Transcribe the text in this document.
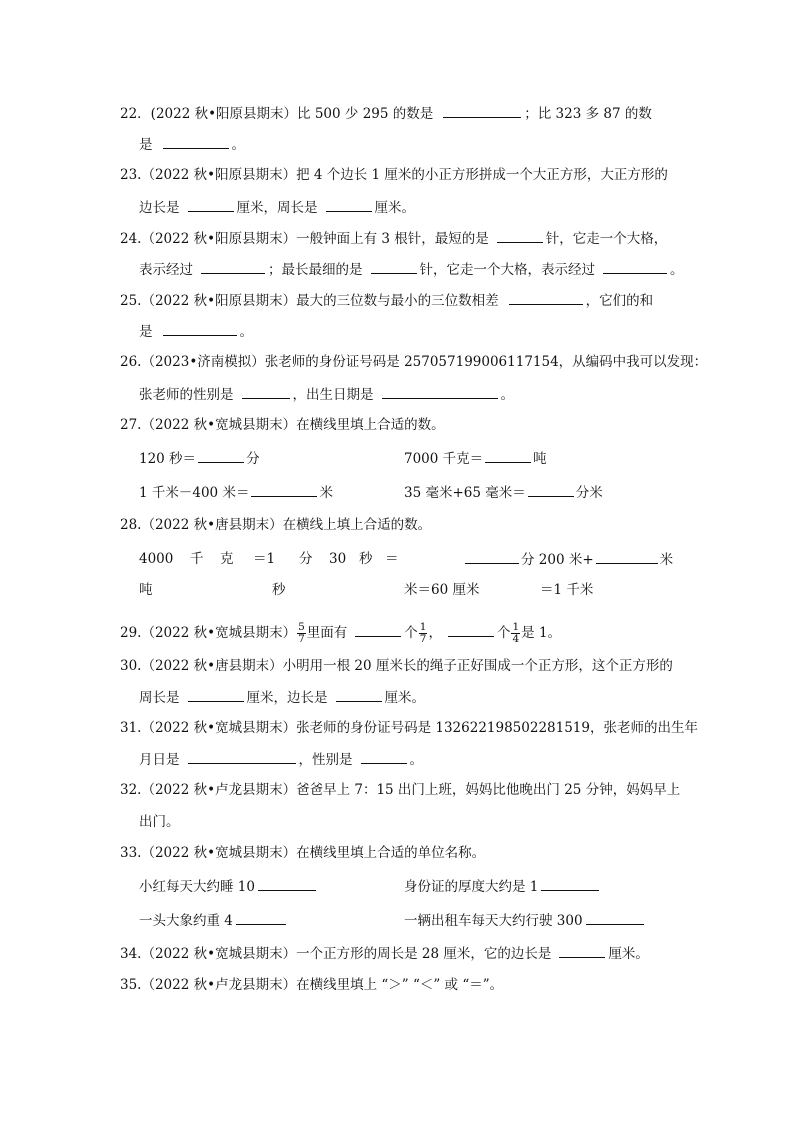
22．(2022 秋•阳原县期末）比 500 少 295 的数是	；比 323 多 87 的数
是	。
23.（2022 秋•阳原县期末）把 4 个边长 1 厘米的小正方形拼成一个大正方形，大正方形的
边长是	厘米，周长是	厘米。
24.（2022 秋•阳原县期末）一般钟面上有 3 根针，最短的是	针，它走一个大格，
表示经过	；最长最细的是	针，它走一个大格，表示经过	。
25.（2022 秋•阳原县期末）最大的三位数与最小的三位数相差	，它们的和
是	。
26.（2023•济南模拟）张老师的身份证号码是 257057199006117154，从编码中我可以发现：
张老师的性别是	，出生日期是	。
27.（2022 秋•宽城县期末）在横线里填上合适的数。
120 秒＝	分	7000 千克＝	吨
1 千米－400 米＝	米	35 毫米+65 毫米＝	分米
28.（2022 秋•唐县期末）在横线上填上合适的数。
4000 千 克 ＝1 分 30 秒 ＝	分 200 米+	米
吨	秒	米＝60 厘米	＝1 千米
29.（2022 秋•宽城县期末） $\frac{5}{7}$ 里面有	个 $\frac{1}{7}$ ，	个 $\frac{1}{4}$ 是 1。
30.（2022 秋•唐县期末）小明用一根 20 厘米长的绳子正好围成一个正方形，这个正方形的
周长是	厘米，边长是	厘米。
31.（2022 秋•宽城县期末）张老师的身份证号码是 132622198502281519，张老师的出生年
月日是	，性别是	。
32.（2022 秋•卢龙县期末）爸爸早上 7：15 出门上班，妈妈比他晚出门 25 分钟，妈妈早上
出门。
33.（2022 秋•宽城县期末）在横线里填上合适的单位名称。
小红每天大约睡 10	身份证的厚度大约是 1
一头大象约重 4	一辆出租车每天大约行驶 300
34.（2022 秋•宽城县期末）一个正方形的周长是 28 厘米，它的边长是	厘米。
35.（2022 秋•卢龙县期末）在横线里填上 “＞” “＜” 或 “＝”。
